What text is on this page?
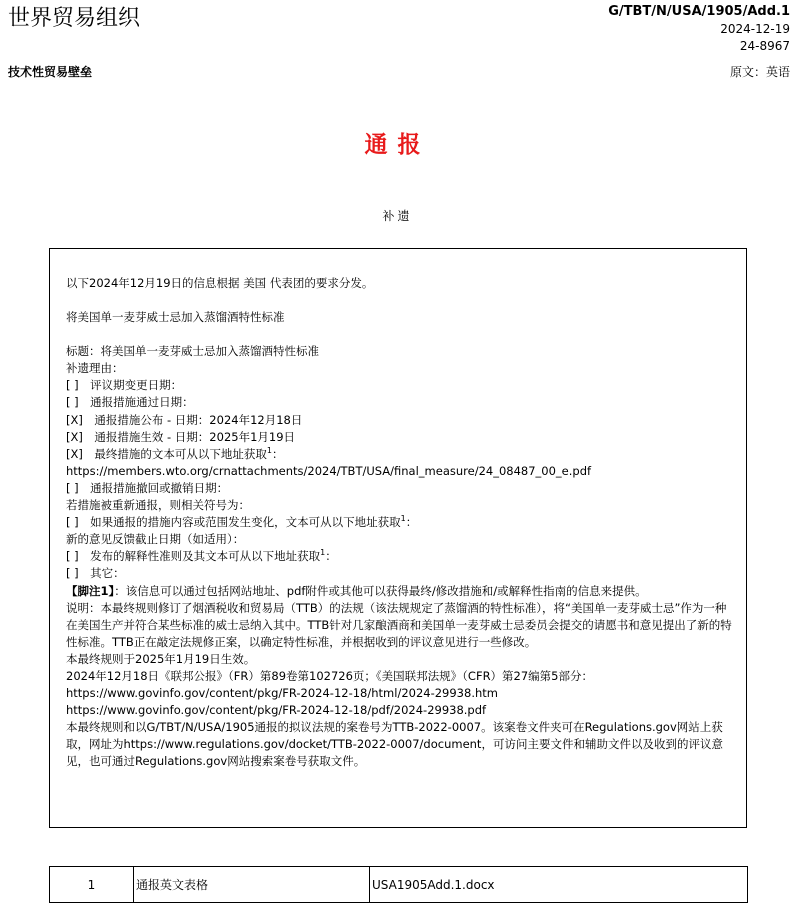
世界贸易组织	G/TBT/N/USA/1905/Add.1
2024-12-19
24-8967
技术性贸易壁垒	原文：英语
通报
补遗

以下2024年12月19日的信息根据 美国 代表团的要求分发。

将美国单一麦芽威士忌加入蒸馏酒特性标准

标题：将美国单一麦芽威士忌加入蒸馏酒特性标准

补遗理由：

[ ]　评议期变更日期：

[ ]　通报措施通过日期：

[X]　通报措施公布 - 日期：2024年12月18日

[X]　通报措施生效 - 日期：2025年1月19日

[X]　最终措施的文本可从以下地址获取$^1$：

https://members.wto.org/crnattachments/2024/TBT/USA/final_measure/24_08487_00_e.pdf

[ ]　通报措施撤回或撤销日期：

若措施被重新通报，则相关符号为：

[ ]　如果通报的措施内容或范围发生变化，文本可从以下地址获取$^1$：

新的意见反馈截止日期（如适用）：

[ ]　发布的解释性准则及其文本可从以下地址获取$^1$：

[ ]　其它：

【脚注1】：该信息可以通过包括网站地址、pdf附件或其他可以获得最终/修改措施和/或解释性指南的信息来提供。

说明：本最终规则修订了烟酒税收和贸易局（TTB）的法规（该法规规定了蒸馏酒的特性标准），将“美国单一麦芽威士忌”作为一种在美国生产并符合某些标准的威士忌纳入其中。TTB针对几家酿酒商和美国单一麦芽威士忌委员会提交的请愿书和意见提出了新的特性标准。TTB正在敲定法规修正案，以确定特性标准，并根据收到的评议意见进行一些修改。

本最终规则于2025年1月19日生效。

2024年12月18日《联邦公报》（FR）第89卷第102726页；《美国联邦法规》（CFR）第27编第5部分：

https://www.govinfo.gov/content/pkg/FR-2024-12-18/html/2024-29938.htm

https://www.govinfo.gov/content/pkg/FR-2024-12-18/pdf/2024-29938.pdf

本最终规则和以G/TBT/N/USA/1905通报的拟议法规的案卷号为TTB-2022-0007。该案卷文件夹可在Regulations.gov网站上获取，网址为https://www.regulations.gov/docket/TTB-2022-0007/document，可访问主要文件和辅助文件以及收到的评议意见，也可通过Regulations.gov网站搜索案卷号获取文件。

1	通报英文表格	USA1905Add.1.docx
